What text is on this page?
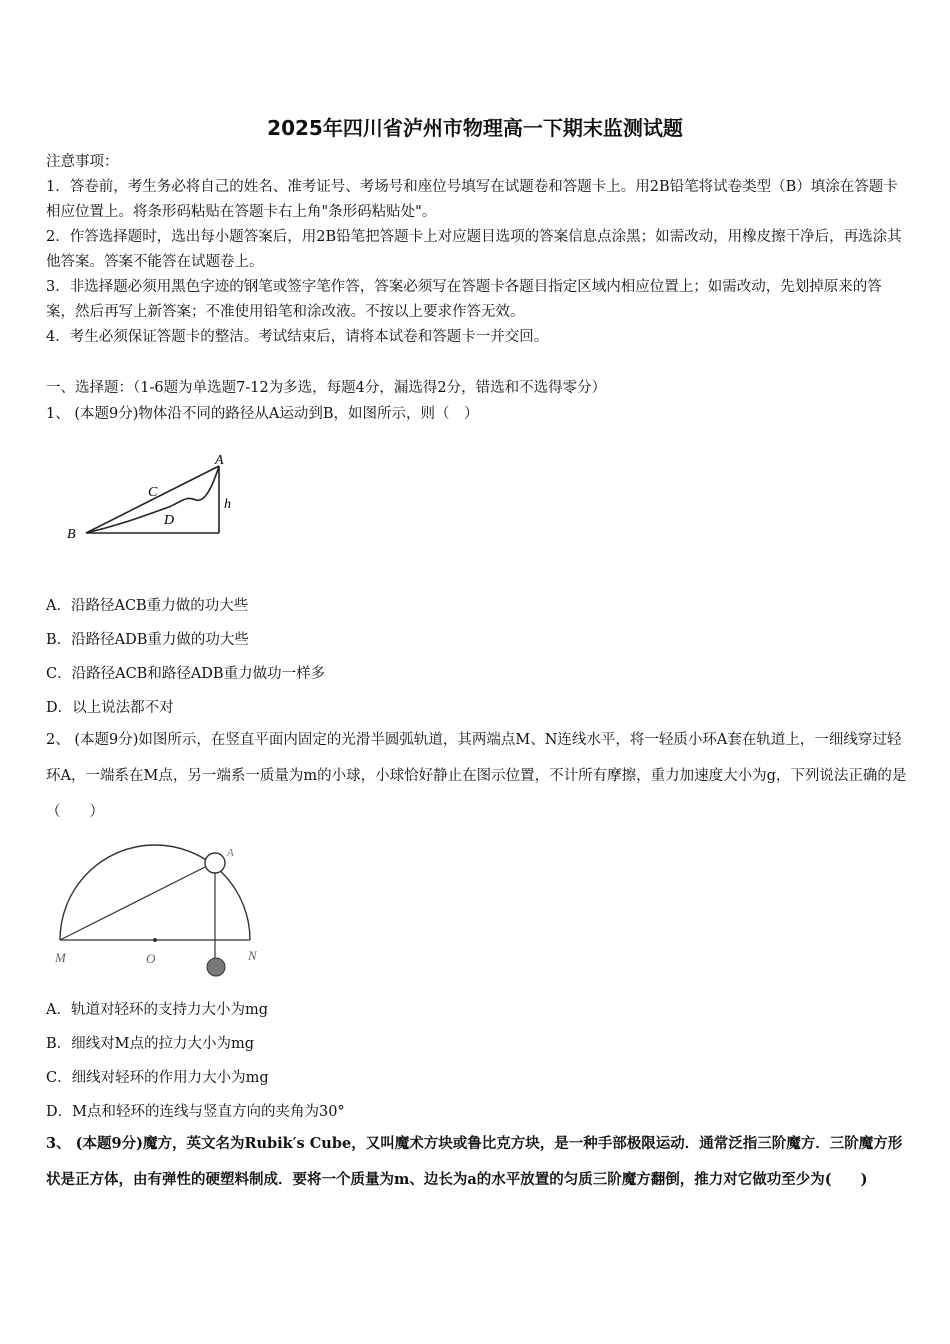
2025年四川省泸州市物理高一下期末监测试题

注意事项：

1．答卷前，考生务必将自己的姓名、准考证号、考场号和座位号填写在试题卷和答题卡上。用2B铅笔将试卷类型（B）填涂在答题卡相应位置上。将条形码粘贴在答题卡右上角"条形码粘贴处"。

2．作答选择题时，选出每小题答案后，用2B铅笔把答题卡上对应题目选项的答案信息点涂黑；如需改动，用橡皮擦干净后，再选涂其他答案。答案不能答在试题卷上。

3．非选择题必须用黑色字迹的钢笔或签字笔作答，答案必须写在答题卡各题目指定区域内相应位置上；如需改动，先划掉原来的答案，然后再写上新答案；不准使用铅笔和涂改液。不按以上要求作答无效。

4．考生必须保证答题卡的整洁。考试结束后，请将本试卷和答题卡一并交回。

一、选择题：（1-6题为单选题7-12为多选，每题4分，漏选得2分，错选和不选得零分）
1、 (本题9分)物体沿不同的路径从A运动到B，如图所示，则（　）
B
A
C
D
h
A．沿路径ACB重力做的功大些
B．沿路径ADB重力做的功大些
C．沿路径ACB和路径ADB重力做功一样多
D．以上说法都不对
2、 (本题9分)如图所示，在竖直平面内固定的光滑半圆弧轨道，其两端点M、N连线水平，将一轻质小环A套在轨道上，一细线穿过轻环A，一端系在M点，另一端系一质量为m的小球，小球恰好静止在图示位置，不计所有摩擦，重力加速度大小为g，下列说法正确的是（　　）
M	O	N
A
A．轨道对轻环的支持力大小为mg
B．细线对M点的拉力大小为mg
C．细线对轻环的作用力大小为mg
D．M点和轻环的连线与竖直方向的夹角为30°
3、 (本题9分)魔方，英文名为Rubik′s Cube，又叫魔术方块或鲁比克方块，是一种手部极限运动．通常泛指三阶魔方．三阶魔方形状是正方体，由有弹性的硬塑料制成．要将一个质量为m、边长为a的水平放置的匀质三阶魔方翻倒，推力对它做功至少为(　　)
